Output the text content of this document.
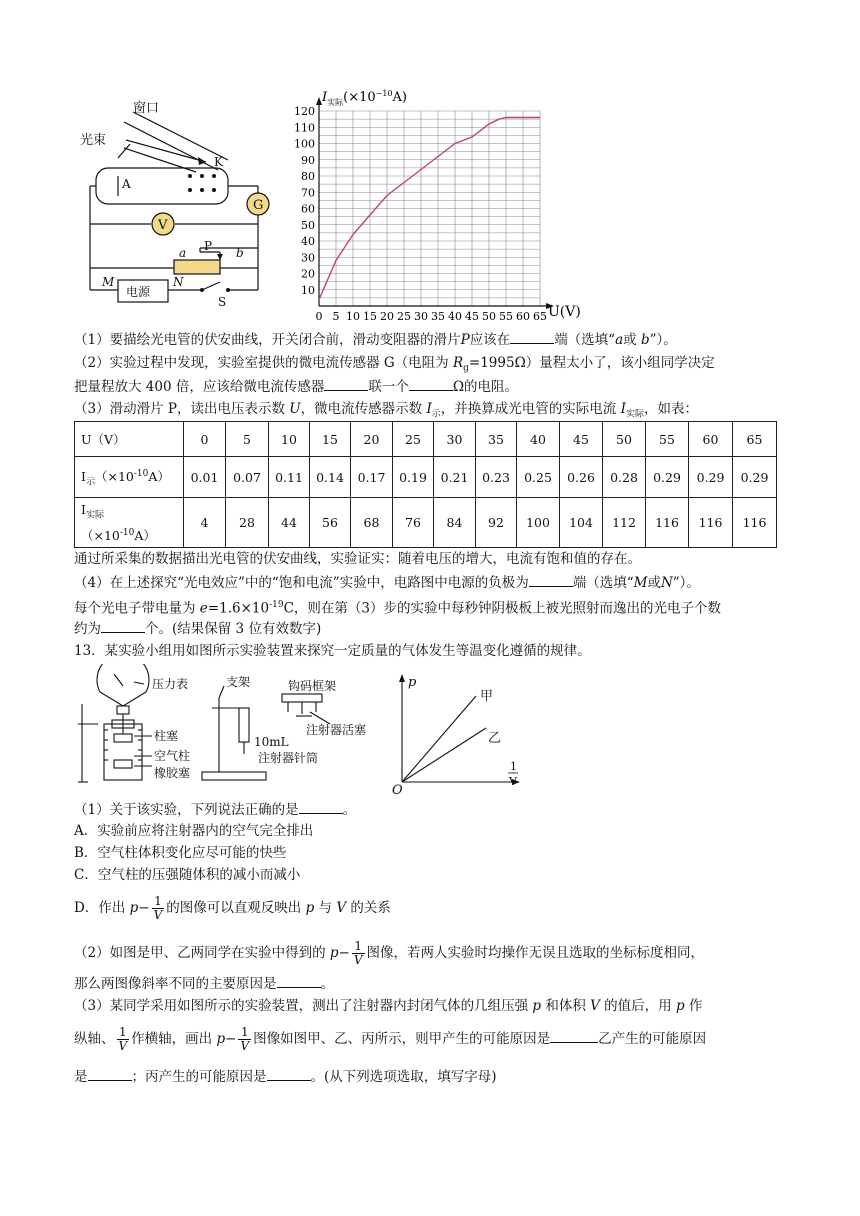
窗口
光束
A
K
G
V
P
a	b
M	N
电源
S
10
20
30
40
50
60
70
80
90
100
110
120
0 5 10 15 20 25 30 35 40 45 50 55 60 65
$I_{实际}(\times 10^{-10}A)$
U(V)
（1）要描绘光电管的伏安曲线，开关闭合前，滑动变阻器的滑片P应该在	端（选填“a或 b”）。
（2）实验过程中发现，实验室提供的微电流传感器 G（电阻为 $R_g=1995\Omega$）量程太小了，该小组同学决定
把量程放大 400 倍，应该给微电流传感器	联一个	Ω的电阻。
（3）滑动滑片 P，读出电压表示数 U，微电流传感器示数 $I_示$，并换算成光电管的实际电流 $I_{实际}$，如表：
U（V）	0	5	10	15	20	25	30	35	40	45	50	55	60	65
$I_示(\times 10^{-10}A)$	0.01	0.07	0.11	0.14	0.17	0.19	0.21	0.23	0.25	0.26	0.28	0.29	0.29	0.29
$I_{实际}$
$(\times 10^{-10}A)$	4	28	44	56	68	76	84	92	100	104	112	116	116	116
通过所采集的数据描出光电管的伏安曲线，实验证实：随着电压的增大，电流有饱和值的存在。
（4）在上述探究“光电效应”中的“饱和电流”实验中，电路图中电源的负极为	端（选填“M或N”）。
每个光电子带电量为 $e=1.6\times 10^{-19}C$，则在第（3）步的实验中每秒钟阴极板上被光照射而逸出的光电子个数
约为	个。(结果保留 3 位有效数字)
13．某实验小组用如图所示实验装置来探究一定质量的气体发生等温变化遵循的规律。
压力表
柱塞
空气柱
橡胶塞
支架	钩码框架
注射器活塞
10mL
注射器针筒
p
O
1
V
甲
乙
（1）关于该实验，下列说法正确的是	。
A．实验前应将注射器内的空气完全排出
B．空气柱体积变化应尽可能的快些
C．空气柱的压强随体积的减小而减小
D．作出 $p- \frac{1}{V}$ 的图像可以直观反映出 p 与 V 的关系
（2）如图是甲、乙两同学在实验中得到的 $p- \frac{1}{V}$ 图像，若两人实验时均操作无误且选取的坐标标度相同，
那么两图像斜率不同的主要原因是	。
（3）某同学采用如图所示的实验装置，测出了注射器内封闭气体的几组压强 p 和体积 V 的值后，用 p 作
纵轴、 $\frac{1}{V}$ 作横轴，画出 $p- \frac{1}{V}$ 图像如图甲、乙、丙所示，则甲产生的可能原因是	乙产生的可能原因
是	；丙产生的可能原因是	。(从下列选项选取，填写字母)
